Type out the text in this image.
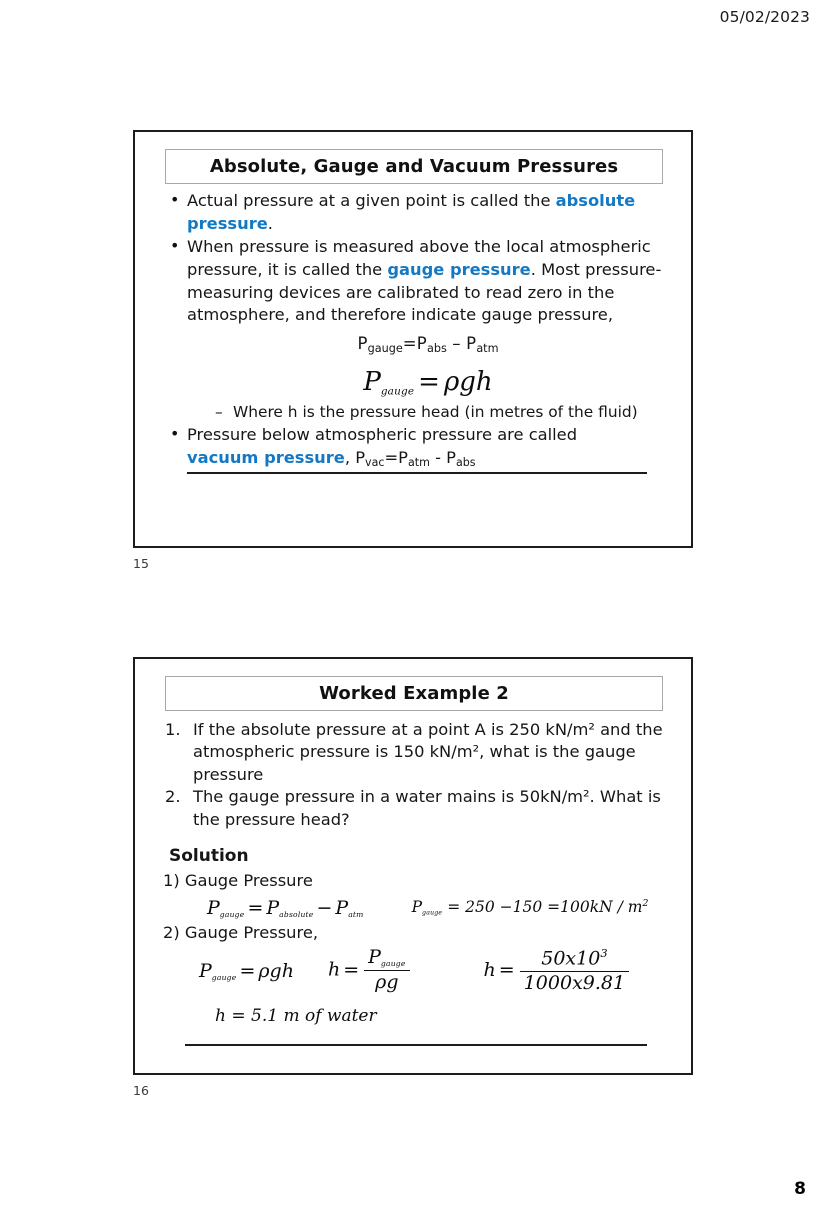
05/02/2023
Absolute, Gauge and Vacuum Pressures
• Actual pressure at a given point is called the absolute pressure.
• When pressure is measured above the local atmospheric pressure, it is called the gauge pressure. Most pressure-measuring devices are calibrated to read zero in the atmosphere, and therefore indicate gauge pressure,
$P_{gauge}=P_{abs} - P_{atm}$
$P_{gauge} = \rho gh$
– Where h is the pressure head (in metres of the fluid)
• Pressure below atmospheric pressure are called
vacuum pressure, $P_{vac}=P_{atm} - P_{abs}$
15
Worked Example 2
1. If the absolute pressure at a point A is 250 kN/m² and the atmospheric pressure is 150 kN/m², what is the gauge pressure
2. The gauge pressure in a water mains is 50kN/m². What is the pressure head?
Solution
1) Gauge Pressure
$P_{gauge} = P_{absolute} - P_{atm}$	$P_{gauge} = 250 -150 =100kN / m^2$
2) Gauge Pressure,
$P_{gauge} = \rho gh$ $h = \frac{P_{gauge}}{\rho g}$	$h = \frac{50x10^3}{1000x9.81}$
h = 5.1 m of water
16
8
